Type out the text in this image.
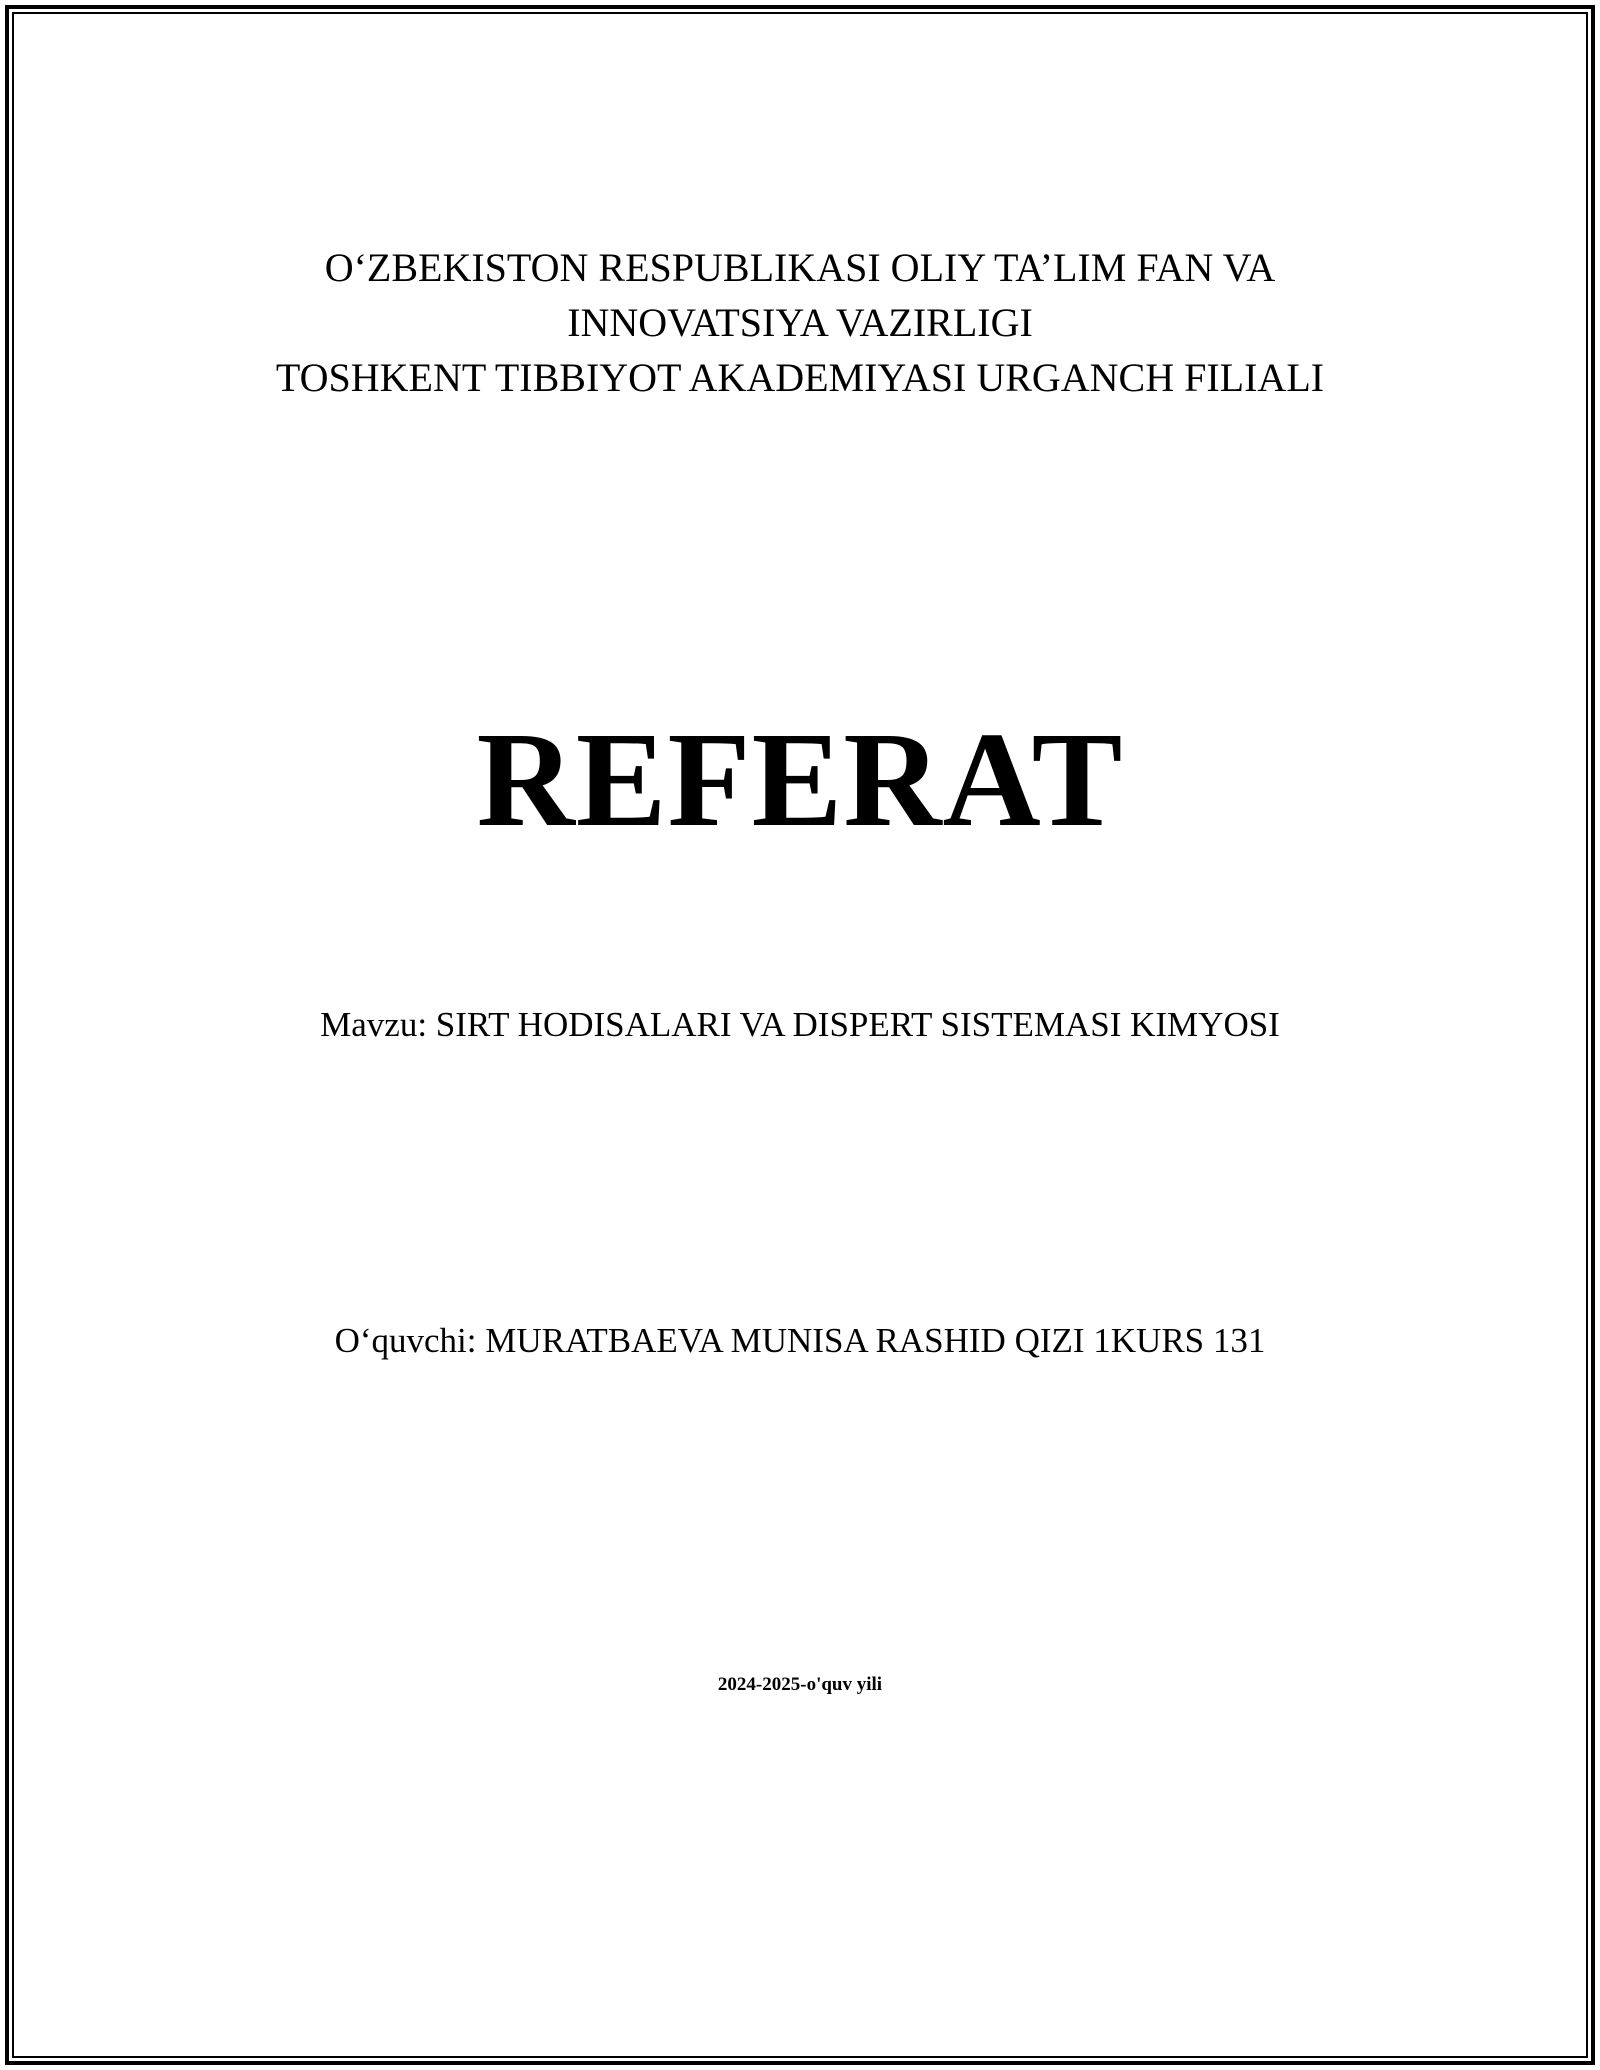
O‘ZBEKISTON RESPUBLIKASI OLIY TA’LIM FAN VA
INNOVATSIYA VAZIRLIGI
TOSHKENT TIBBIYOT AKADEMIYASI URGANCH FILIALI
REFERAT
Mavzu: SIRT HODISALARI VA DISPERT SISTEMASI KIMYOSI
O‘quvchi: MURATBAEVA MUNISA RASHID QIZI 1KURS 131
2024-2025-o'quv yili
